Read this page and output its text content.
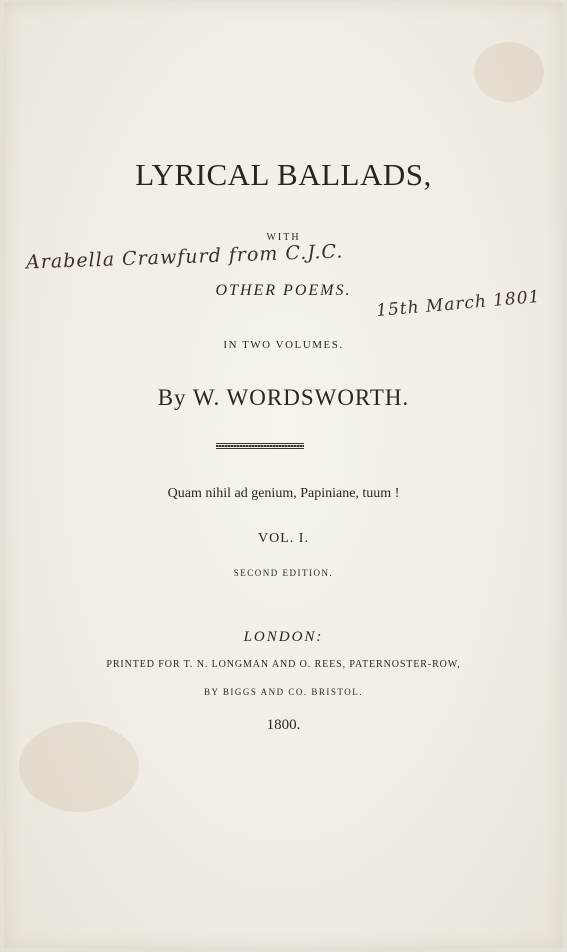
LYRICAL BALLADS,
WITH
Arabella Crawfurd from C.J.C.
OTHER POEMS.	15th March 1801
IN TWO VOLUMES.
By W. WORDSWORTH.
Quam nihil ad genium, Papiniane, tuum !
VOL. I.
SECOND EDITION.
LONDON:
PRINTED FOR T. N. LONGMAN AND O. REES, PATERNOSTER-ROW,
BY BIGGS AND CO. BRISTOL.
1800.
